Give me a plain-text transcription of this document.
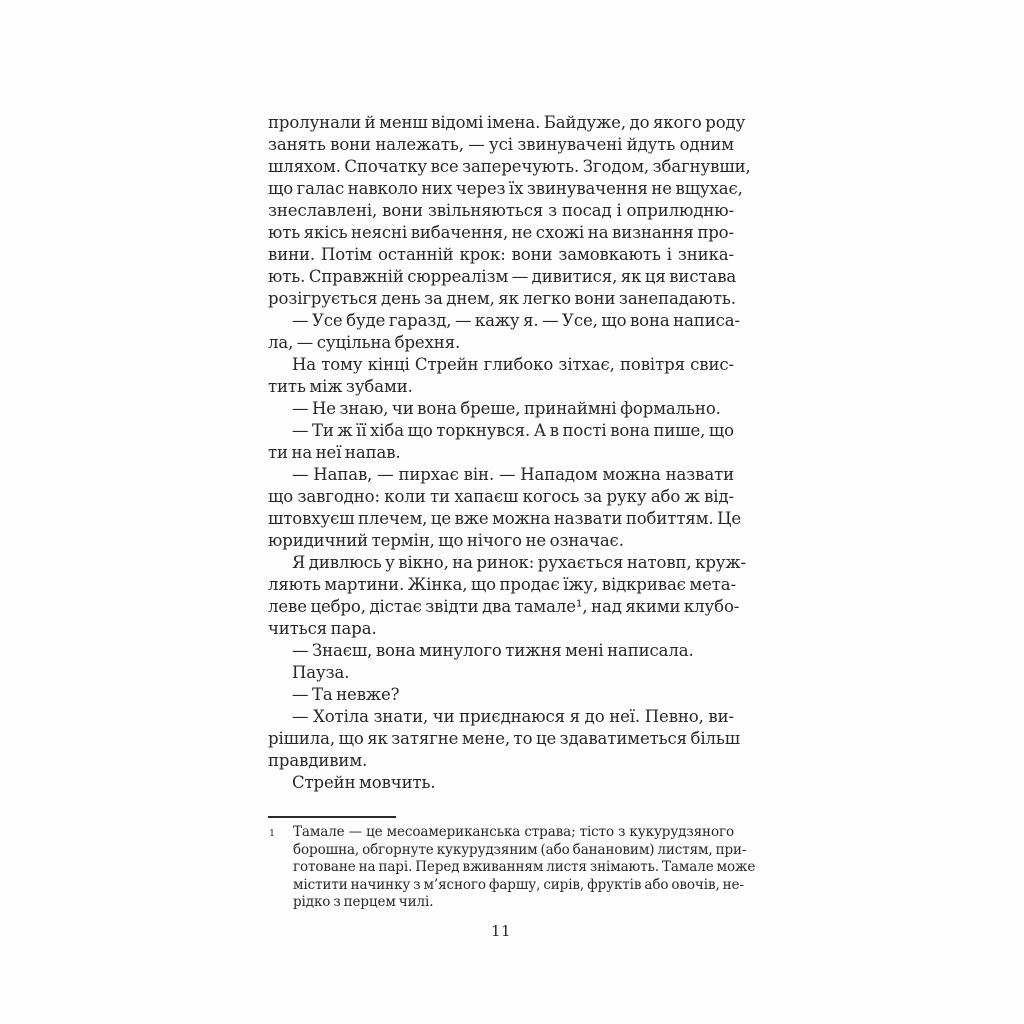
пролунали й менш відомі імена. Байдуже, до якого роду
занять вони належать, — усі звинувачені йдуть одним
шляхом. Спочатку все заперечують. Згодом, збагнувши,
що галас навколо них через їх звинувачення не вщухає,
знеславлені, вони звільняються з посад і оприлюдню-
ють якісь неясні вибачення, не схожі на визнання про-
вини. Потім останній крок: вони замовкають і зника-
ють. Справжній сюрреалізм — дивитися, як ця вистава
розігрується день за днем, як легко вони занепадають.
— Усе буде гаразд, — кажу я. — Усе, що вона написа-
ла, — суцільна брехня.
На тому кінці Стрейн глибоко зітхає, повітря свис-
тить між зубами.
— Не знаю, чи вона бреше, принаймні формально.
— Ти ж її хіба що торкнувся. А в пості вона пише, що
ти на неї напав.
— Напав, — пирхає він. — Нападом можна назвати
що завгодно: коли ти хапаєш когось за руку або ж від-
штовхуєш плечем, це вже можна назвати побиттям. Це
юридичний термін, що нічого не означає.
Я дивлюсь у вікно, на ринок: рухається натовп, круж-
ляють мартини. Жінка, що продає їжу, відкриває мета-
леве цебро, дістає звідти два тамале¹, над якими клубо-
читься пара.
— Знаєш, вона минулого тижня мені написала.
Пауза.
— Та невже?
— Хотіла знати, чи приєднаюся я до неї. Певно, ви-
рішила, що як затягне мене, то це здаватиметься більш
правдивим.
Стрейн мовчить.
1 Тамале — це месоамериканська страва; тісто з кукурудзяного
борошна, обгорнуте кукурудзяним (або банановим) листям, при-
готоване на парі. Перед вживанням листя знімають. Тамале може
містити начинку з м’ясного фаршу, сирів, фруктів або овочів, не-
рідко з перцем чилі.
11
